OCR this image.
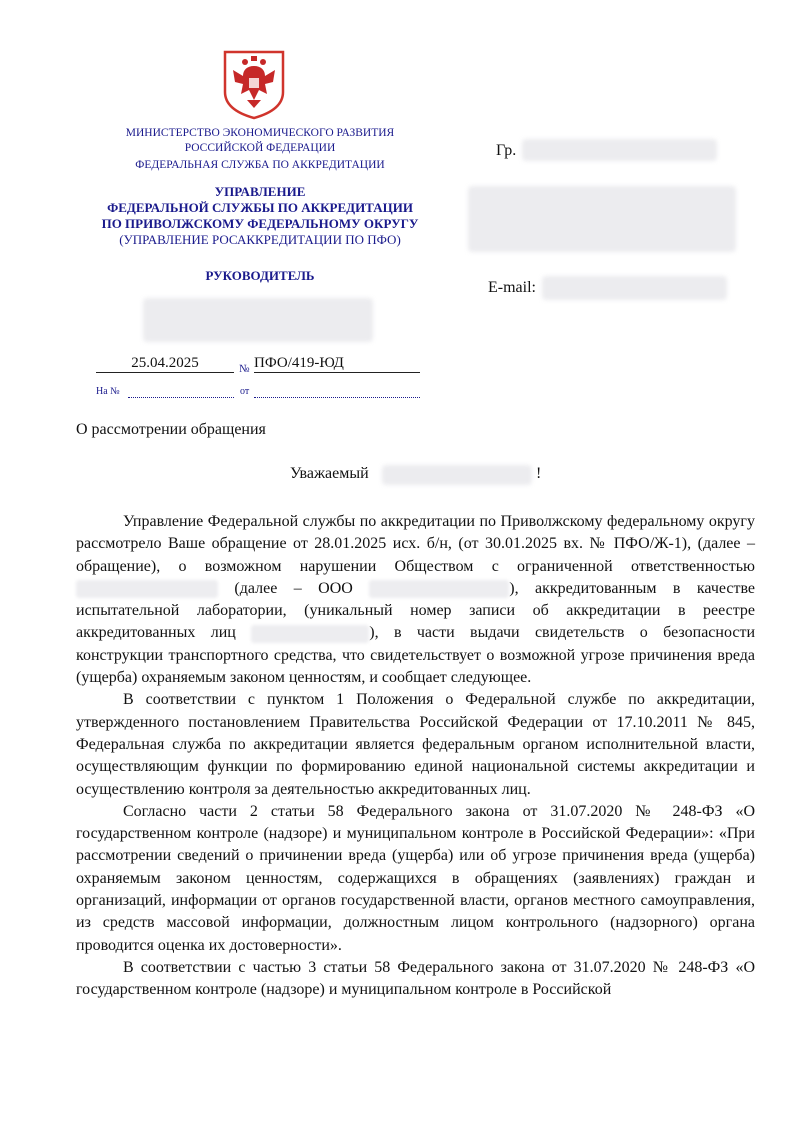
МИНИСТЕРСТВО ЭКОНОМИЧЕСКОГО РАЗВИТИЯ
РОССИЙСКОЙ ФЕДЕРАЦИИ
ФЕДЕРАЛЬНАЯ СЛУЖБА ПО АККРЕДИТАЦИИ
УПРАВЛЕНИЕ
ФЕДЕРАЛЬНОЙ СЛУЖБЫ ПО АККРЕДИТАЦИИ
ПО ПРИВОЛЖСКОМУ ФЕДЕРАЛЬНОМУ ОКРУГУ
(УПРАВЛЕНИЕ РОСАККРЕДИТАЦИИ ПО ПФО)
РУКОВОДИТЕЛЬ
25.04.2025	№ ПФО/419-ЮД
На №	от
Гр.
E-mail:
О рассмотрении обращения
Уважаемый	!

Управление Федеральной службы по аккредитации по Приволжскому федеральному округу рассмотрело Ваше обращение от 28.01.2025 исх. б/н, (от 30.01.2025 вх. № ПФО/Ж-1), (далее – обращение), о возможном нарушении Обществом с ограниченной ответственностью  (далее – ООО	), аккредитованным в качестве испытательной лаборатории, (уникальный номер записи об аккредитации в реестре аккредитованных лиц	), в части выдачи свидетельств о безопасности конструкции транспортного средства, что свидетельствует о возможной угрозе причинения вреда (ущерба) охраняемым законом ценностям, и сообщает следующее.

В соответствии с пунктом 1 Положения о Федеральной службе по аккредитации, утвержденного постановлением Правительства Российской Федерации от 17.10.2011 № 845, Федеральная служба по аккредитации является федеральным органом исполнительной власти, осуществляющим функции по формированию единой национальной системы аккредитации и осуществлению контроля за деятельностью аккредитованных лиц.

Согласно части 2 статьи 58 Федерального закона от 31.07.2020 № 248-ФЗ «О государственном контроле (надзоре) и муниципальном контроле в Российской Федерации»: «При рассмотрении сведений о причинении вреда (ущерба) или об угрозе причинения вреда (ущерба) охраняемым законом ценностям, содержащихся в обращениях (заявлениях) граждан и организаций, информации от органов государственной власти, органов местного самоуправления, из средств массовой информации, должностным лицом контрольного (надзорного) органа проводится оценка их достоверности».

В соответствии с частью 3 статьи 58 Федерального закона от 31.07.2020 № 248-ФЗ «О государственном контроле (надзоре) и муниципальном контроле в Российской
